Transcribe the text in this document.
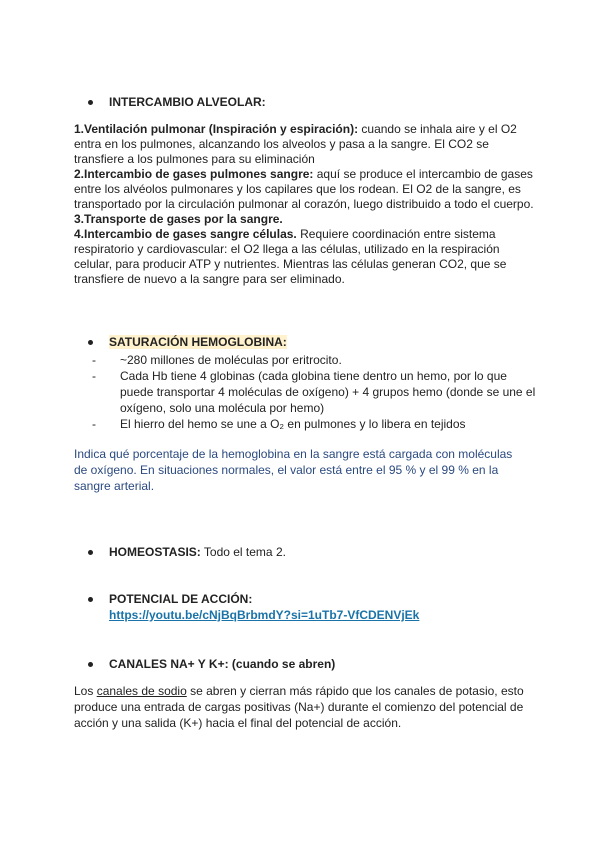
INTERCAMBIO ALVEOLAR:
1.Ventilación pulmonar (Inspiración y espiración): cuando se inhala aire y el O2 entra en los pulmones, alcanzando los alveolos y pasa a la sangre. El CO2 se transfiere a los pulmones para su eliminación
2.Intercambio de gases pulmones sangre: aquí se produce el intercambio de gases entre los alvéolos pulmonares y los capilares que los rodean. El O2 de la sangre, es transportado por la circulación pulmonar al corazón, luego distribuido a todo el cuerpo.
3.Transporte de gases por la sangre.
4.Intercambio de gases sangre células. Requiere coordinación entre sistema respiratorio y cardiovascular: el O2 llega a las células, utilizado en la respiración celular, para producir ATP y nutrientes. Mientras las células generan CO2, que se transfiere de nuevo a la sangre para ser eliminado.
SATURACIÓN HEMOGLOBINA:
- ~280 millones de moléculas por eritrocito.
- Cada Hb tiene 4 globinas (cada globina tiene dentro un hemo, por lo que puede transportar 4 moléculas de oxígeno) + 4 grupos hemo (donde se une el oxígeno, solo una molécula por hemo)
- El hierro del hemo se une a O₂ en pulmones y lo libera en tejidos
Indica qué porcentaje de la hemoglobina en la sangre está cargada con moléculas de oxígeno. En situaciones normales, el valor está entre el 95 % y el 99 % en la sangre arterial.
HOMEOSTASIS: Todo el tema 2.
POTENCIAL DE ACCIÓN:
https://youtu.be/cNjBqBrbmdY?si=1uTb7-VfCDENVjEk
CANALES NA+ Y K+: (cuando se abren)
Los canales de sodio se abren y cierran más rápido que los canales de potasio, esto produce una entrada de cargas positivas (Na+) durante el comienzo del potencial de acción y una salida (K+) hacia el final del potencial de acción.
